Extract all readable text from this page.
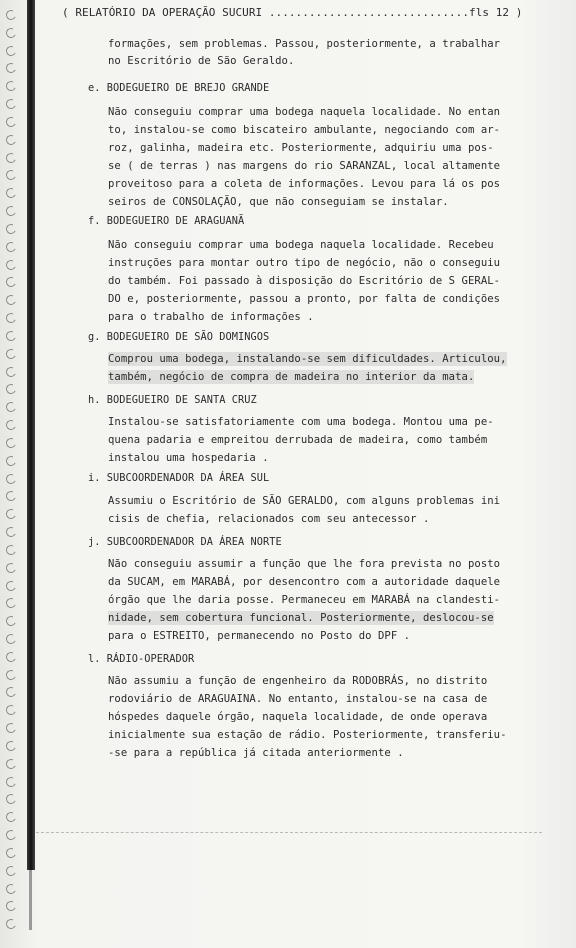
( RELATÓRIO DA OPERAÇÃO SUCURI ..............................fls 12 )
formações, sem problemas. Passou, posteriormente, a trabalhar
no Escritório de São Geraldo.
e. BODEGUEIRO DE BREJO GRANDE
Não conseguiu comprar uma bodega naquela localidade. No entan
to, instalou-se como biscateiro ambulante, negociando com ar-
roz, galinha, madeira etc. Posteriormente, adquiriu uma pos-
se ( de terras ) nas margens do rio SARANZAL, local altamente
proveitoso para a coleta de informações. Levou para lá os pos
seiros de CONSOLAÇÃO, que não conseguiam se instalar.
f. BODEGUEIRO DE ARAGUANÃ
Não conseguiu comprar uma bodega naquela localidade. Recebeu
instruções para montar outro tipo de negócio, não o conseguiu
do também. Foi passado à disposição do Escritório de S GERAL-
DO e, posteriormente, passou a pronto, por falta de condições
para o trabalho de informações .
g. BODEGUEIRO DE SÃO DOMINGOS
Comprou uma bodega, instalando-se sem dificuldades. Articulou,
também, negócio de compra de madeira no interior da mata.
h. BODEGUEIRO DE SANTA CRUZ
Instalou-se satisfatoriamente com uma bodega. Montou uma pe-
quena padaria e empreitou derrubada de madeira, como também
instalou uma hospedaria .
i. SUBCOORDENADOR DA ÁREA SUL
Assumiu o Escritório de SÃO GERALDO, com alguns problemas ini
cisis de chefia, relacionados com seu antecessor .
j. SUBCOORDENADOR DA ÁREA NORTE
Não conseguiu assumir a função que lhe fora prevista no posto
da SUCAM, em MARABÁ, por desencontro com a autoridade daquele
órgão que lhe daria posse. Permaneceu em MARABÁ na clandesti-
nidade, sem cobertura funcional. Posteriormente, deslocou-se
para o ESTREITO, permanecendo no Posto do DPF .
l. RÁDIO-OPERADOR
Não assumiu a função de engenheiro da RODOBRÁS, no distrito
rodoviário de ARAGUAINA. No entanto, instalou-se na casa de
hóspedes daquele órgão, naquela localidade, de onde operava
inicialmente sua estação de rádio. Posteriormente, transferiu-
-se para a república já citada anteriormente .
